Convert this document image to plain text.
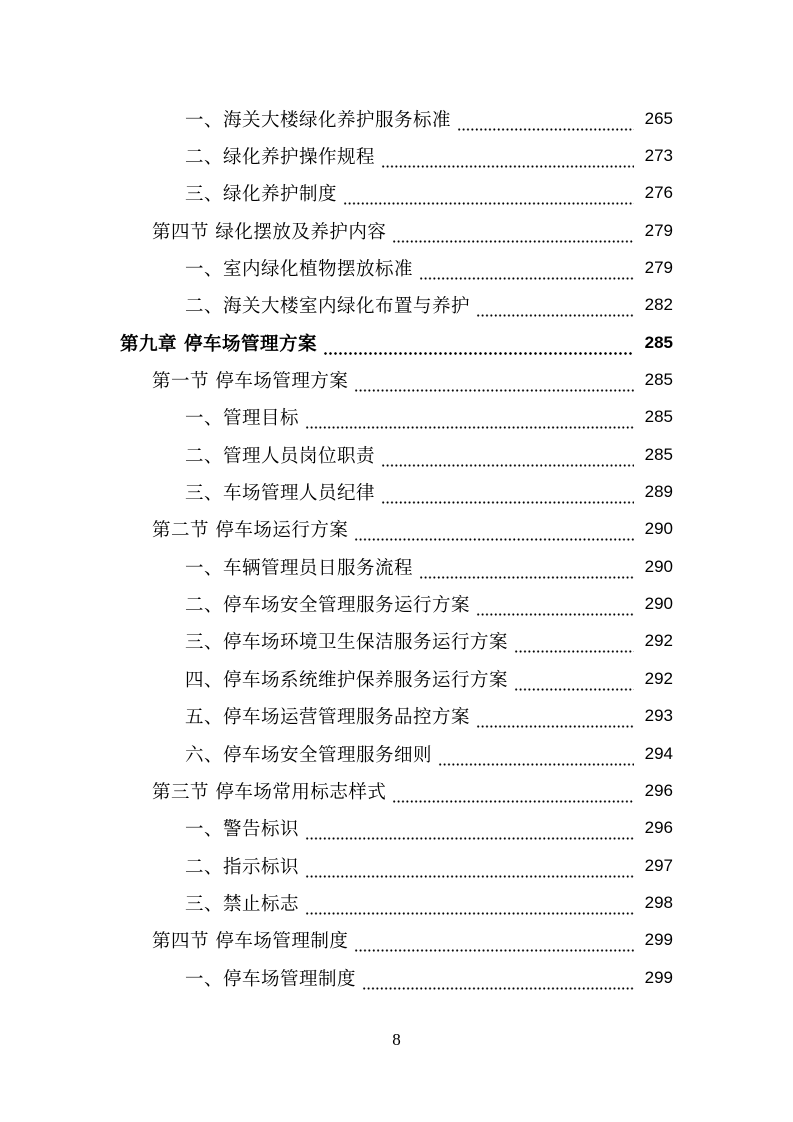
一、海关大楼绿化养护服务标准	265
二、绿化养护操作规程	273
三、绿化养护制度	276
第四节 绿化摆放及养护内容	279
一、室内绿化植物摆放标准	279
二、海关大楼室内绿化布置与养护	282
第九章 停车场管理方案	285
第一节 停车场管理方案	285
一、管理目标	285
二、管理人员岗位职责	285
三、车场管理人员纪律	289
第二节 停车场运行方案	290
一、车辆管理员日服务流程	290
二、停车场安全管理服务运行方案	290
三、停车场环境卫生保洁服务运行方案	292
四、停车场系统维护保养服务运行方案	292
五、停车场运营管理服务品控方案	293
六、停车场安全管理服务细则	294
第三节 停车场常用标志样式	296
一、警告标识	296
二、指示标识	297
三、禁止标志	298
第四节 停车场管理制度	299
一、停车场管理制度	299
8
